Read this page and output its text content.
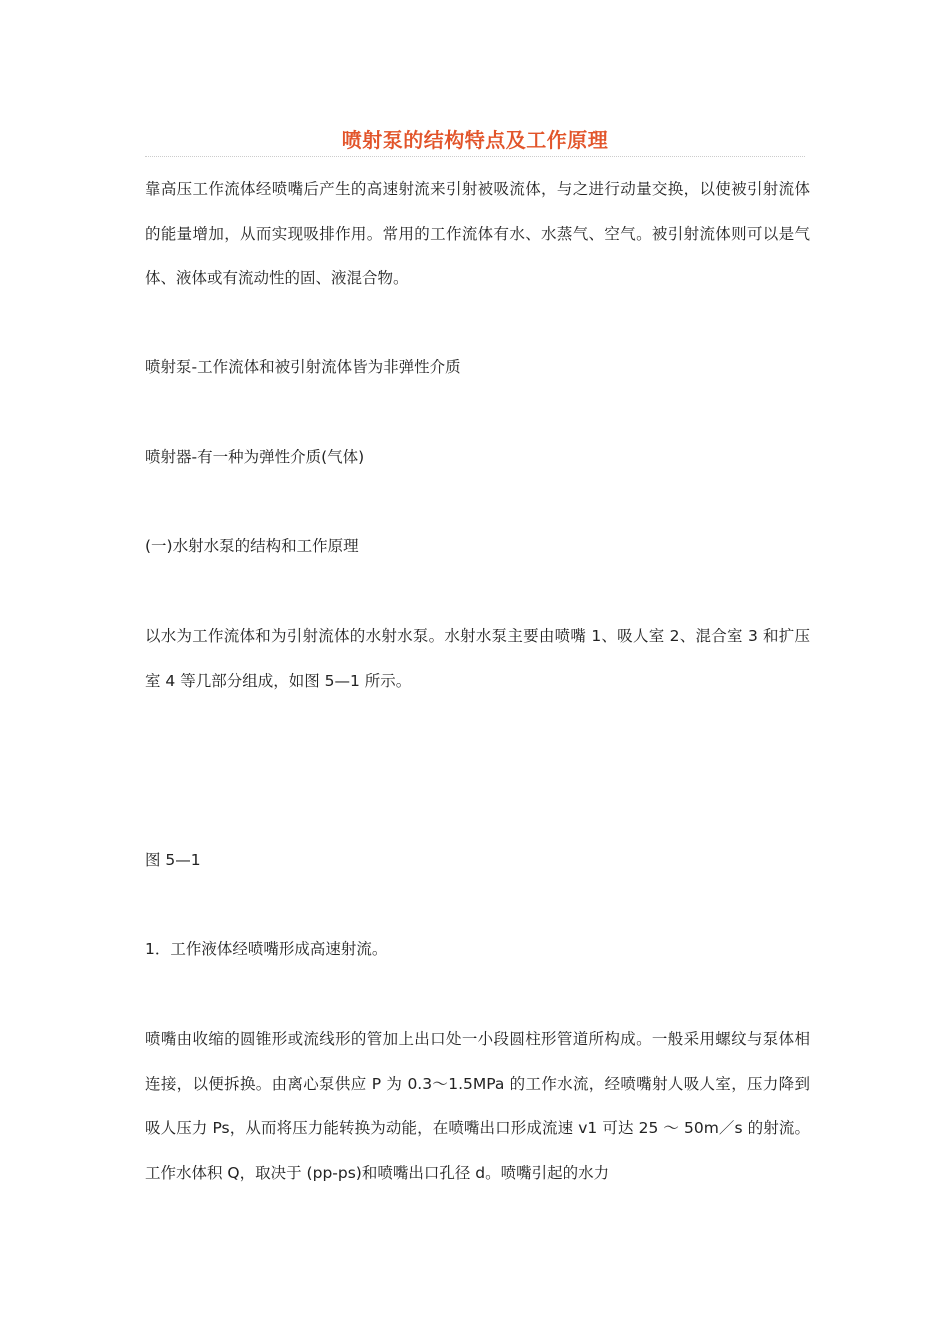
喷射泵的结构特点及工作原理

靠高压工作流体经喷嘴后产生的高速射流来引射被吸流体，与之进行动量交换，以使被引射流体的能量增加，从而实现吸排作用。常用的工作流体有水、水蒸气、空气。被引射流体则可以是气体、液体或有流动性的固、液混合物。

喷射泵-工作流体和被引射流体皆为非弹性介质

喷射器-有一种为弹性介质(气体)

(一)水射水泵的结构和工作原理

以水为工作流体和为引射流体的水射水泵。水射水泵主要由喷嘴 1、吸人室 2、混合室 3 和扩压室 4 等几部分组成，如图 5—1 所示。

图 5—1

1．工作液体经喷嘴形成高速射流。

喷嘴由收缩的圆锥形或流线形的管加上出口处一小段圆柱形管道所构成。一般采用螺纹与泵体相连接，以便拆换。由离心泵供应 P 为 0.3～1.5MPa 的工作水流，经喷嘴射人吸人室，压力降到吸人压力 Ps，从而将压力能转换为动能，在喷嘴出口形成流速 v1 可达 25 ～ 50m／s 的射流。工作水体积 Q，取决于 (pp-ps)和喷嘴出口孔径 d。喷嘴引起的水力
